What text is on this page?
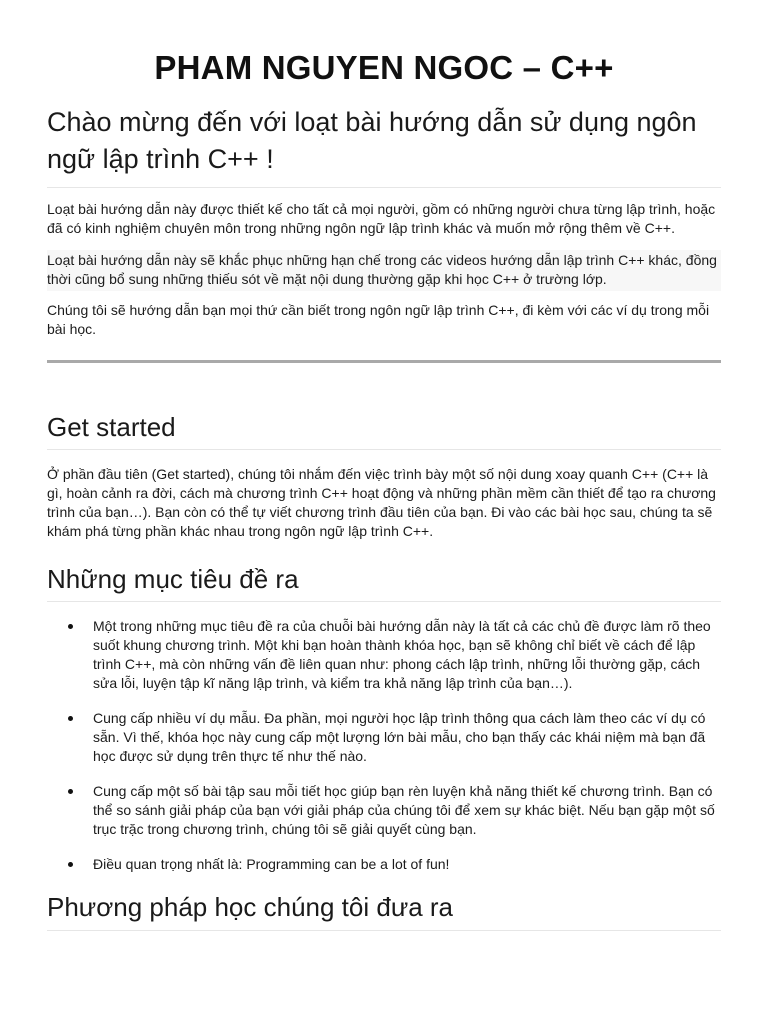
PHAM NGUYEN NGOC – C++
Chào mừng đến với loạt bài hướng dẫn sử dụng ngôn ngữ lập trình C++ !

Loạt bài hướng dẫn này được thiết kế cho tất cả mọi người, gồm có những người chưa từng lập trình, hoặc đã có kinh nghiệm chuyên môn trong những ngôn ngữ lập trình khác và muốn mở rộng thêm về C++.

Loạt bài hướng dẫn này sẽ khắc phục những hạn chế trong các videos hướng dẫn lập trình C++ khác, đồng thời cũng bổ sung những thiếu sót về mặt nội dung thường gặp khi học C++ ở trường lớp.

Chúng tôi sẽ hướng dẫn bạn mọi thứ cần biết trong ngôn ngữ lập trình C++, đi kèm với các ví dụ trong mỗi bài học.

Get started

Ở phần đầu tiên (Get started), chúng tôi nhắm đến việc trình bày một số nội dung xoay quanh C++ (C++ là gì, hoàn cảnh ra đời, cách mà chương trình C++ hoạt động và những phần mềm cần thiết để tạo ra chương trình của bạn…). Bạn còn có thể tự viết chương trình đầu tiên của bạn. Đi vào các bài học sau, chúng ta sẽ khám phá từng phần khác nhau trong ngôn ngữ lập trình C++.

Những mục tiêu đề ra

Một trong những mục tiêu đề ra của chuỗi bài hướng dẫn này là tất cả các chủ đề được làm rõ theo suốt khung chương trình. Một khi bạn hoàn thành khóa học, bạn sẽ không chỉ biết về cách để lập trình C++, mà còn những vấn đề liên quan như: phong cách lập trình, những lỗi thường gặp, cách sửa lỗi, luyện tập kĩ năng lập trình, và kiểm tra khả năng lập trình của bạn…).

Cung cấp nhiều ví dụ mẫu. Đa phần, mọi người học lập trình thông qua cách làm theo các ví dụ có sẵn. Vì thế, khóa học này cung cấp một lượng lớn bài mẫu, cho bạn thấy các khái niệm mà bạn đã học được sử dụng trên thực tế như thế nào.

Cung cấp một số bài tập sau mỗi tiết học giúp bạn rèn luyện khả năng thiết kế chương trình. Bạn có thể so sánh giải pháp của bạn với giải pháp của chúng tôi để xem sự khác biệt. Nếu bạn gặp một số trục trặc trong chương trình, chúng tôi sẽ giải quyết cùng bạn.

Điều quan trọng nhất là: Programming can be a lot of fun!

Phương pháp học chúng tôi đưa ra
